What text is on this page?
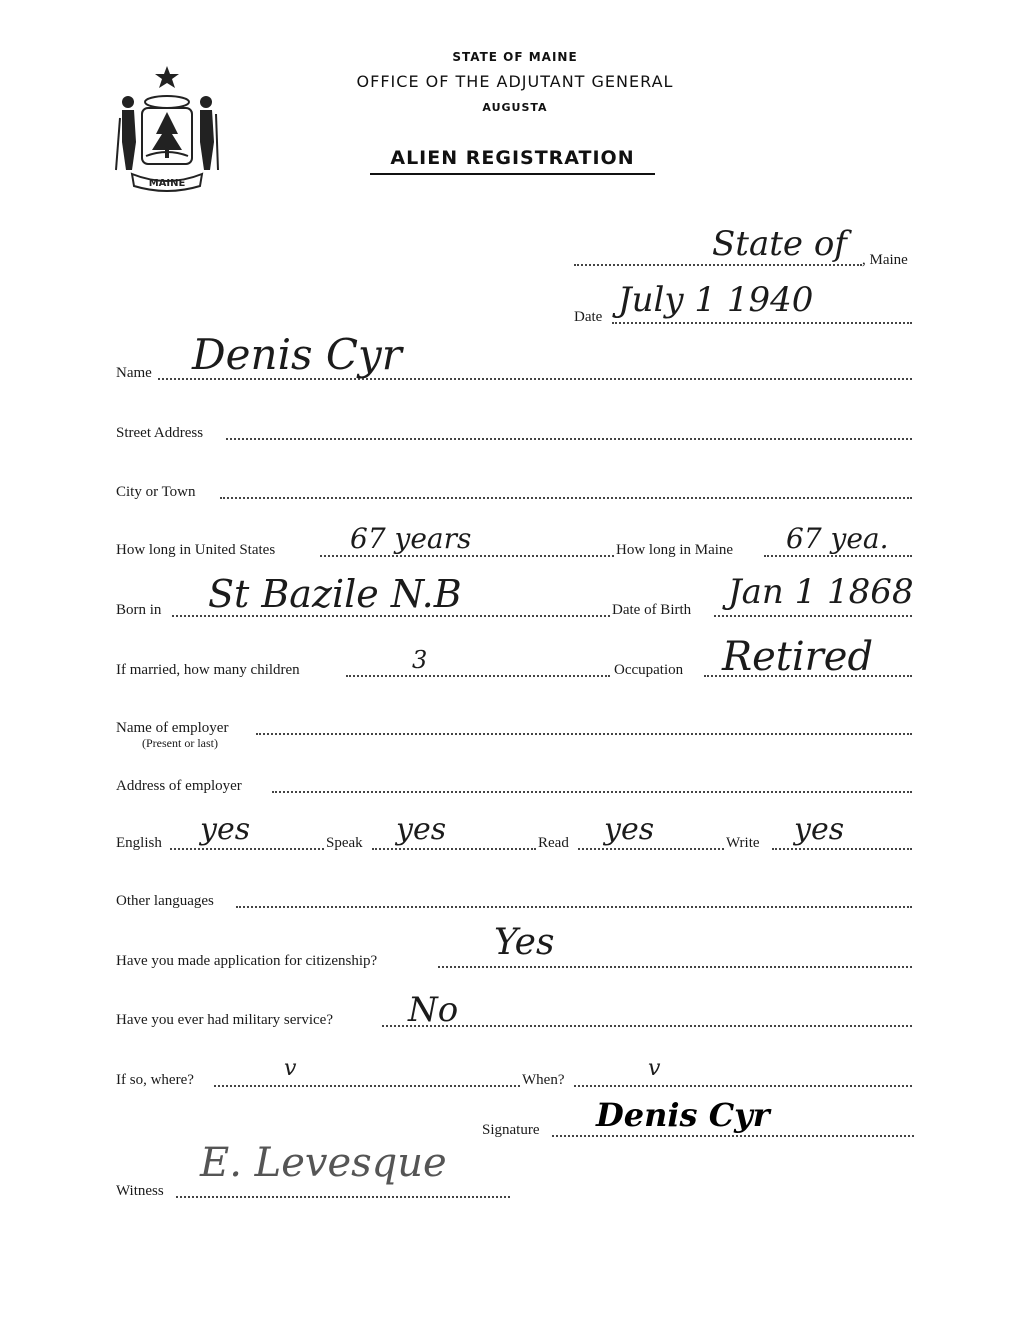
MAINE
STATE OF MAINE
OFFICE OF THE ADJUTANT GENERAL
AUGUSTA
ALIEN REGISTRATION
State of , Maine
Date July 1 1940
Name Denis Cyr
Street Address
City or Town
How long in United States	67 years	How long in Maine 67 yea.
Born in St Bazile N.B	Date of Birth Jan 1 1868
If married, how many children	3	Occupation Retired
Name of employer
(Present or last)
Address of employer
English yes	Speak yes	Read yes	Write yes
Other languages
Have you made application for citizenship?	Yes
Have you ever had military service? No
If so, where?	v	When?	v
Signature Denis Cyr
Witness
E. Levesque
